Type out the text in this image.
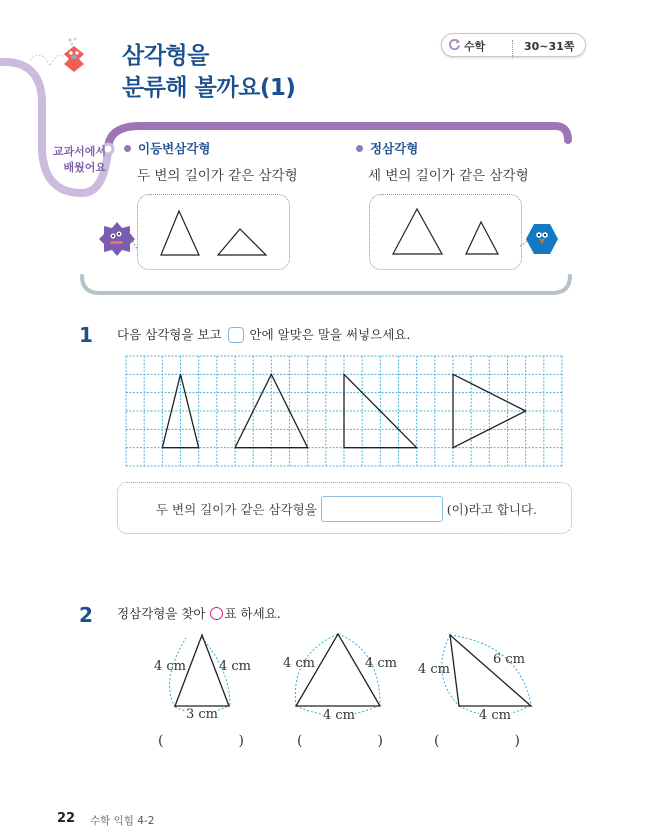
삼각형을
분류해 볼까요(1)
수학	30~31쪽
교과서에서
배웠어요
이등변삼각형
두 변의 길이가 같은 삼각형
정삼각형
세 변의 길이가 같은 삼각형
1 다음 삼각형을 보고 안에 알맞은 말을 써넣으세요.
두 변의 길이가 같은 삼각형을	(이)라고 합니다.
2 정삼각형을 찾아 ○표 하세요.
4 cm	4 cm
3 cm
4 cm	4 cm
4 cm
4 cm
6 cm
4 cm
(	)	(	)	(	)
22 수학 익힘 4-2
